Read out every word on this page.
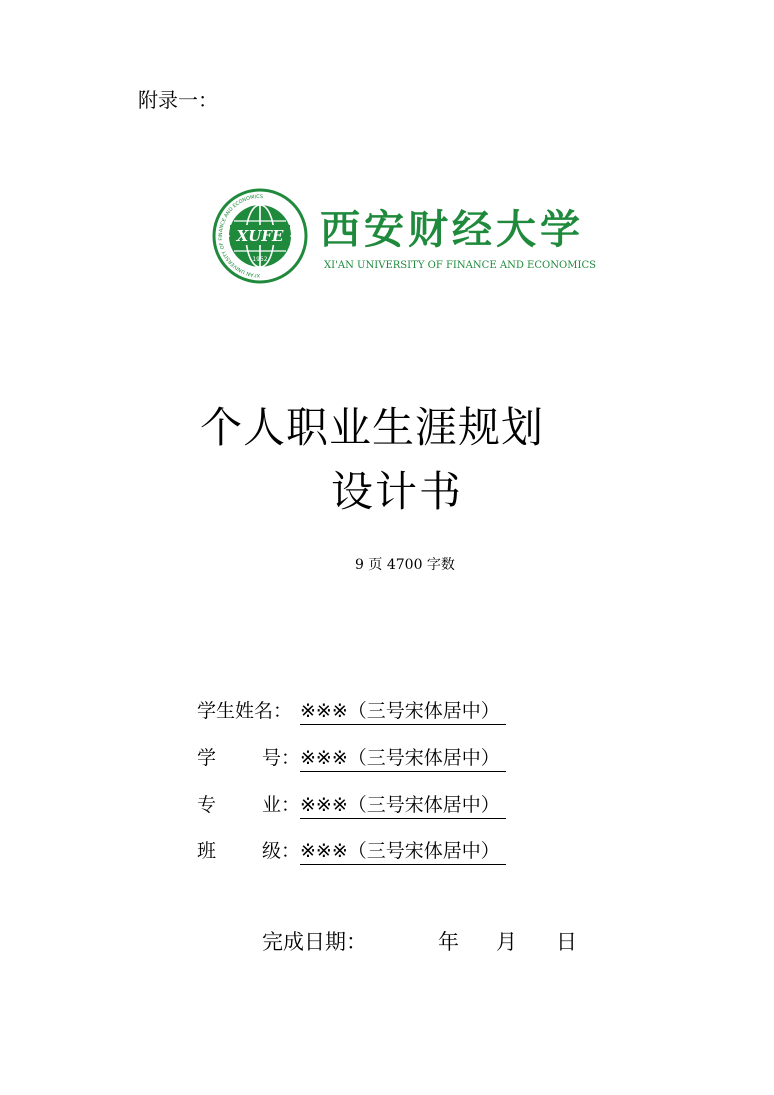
附录一：
XUFE
1952
XI'AN UNIVERSITY OF FINANCE AND ECONOMICS
西安财经大学
XI'AN UNIVERSITY OF FINANCE AND ECONOMICS
个人职业生涯规划
设计书
9 页 4700 字数
学生姓名： ※※※（三号宋体居中）
学 号： ※※※（三号宋体居中）
专 业： ※※※（三号宋体居中）
班 级： ※※※（三号宋体居中）
完成日期：	年 月 日
